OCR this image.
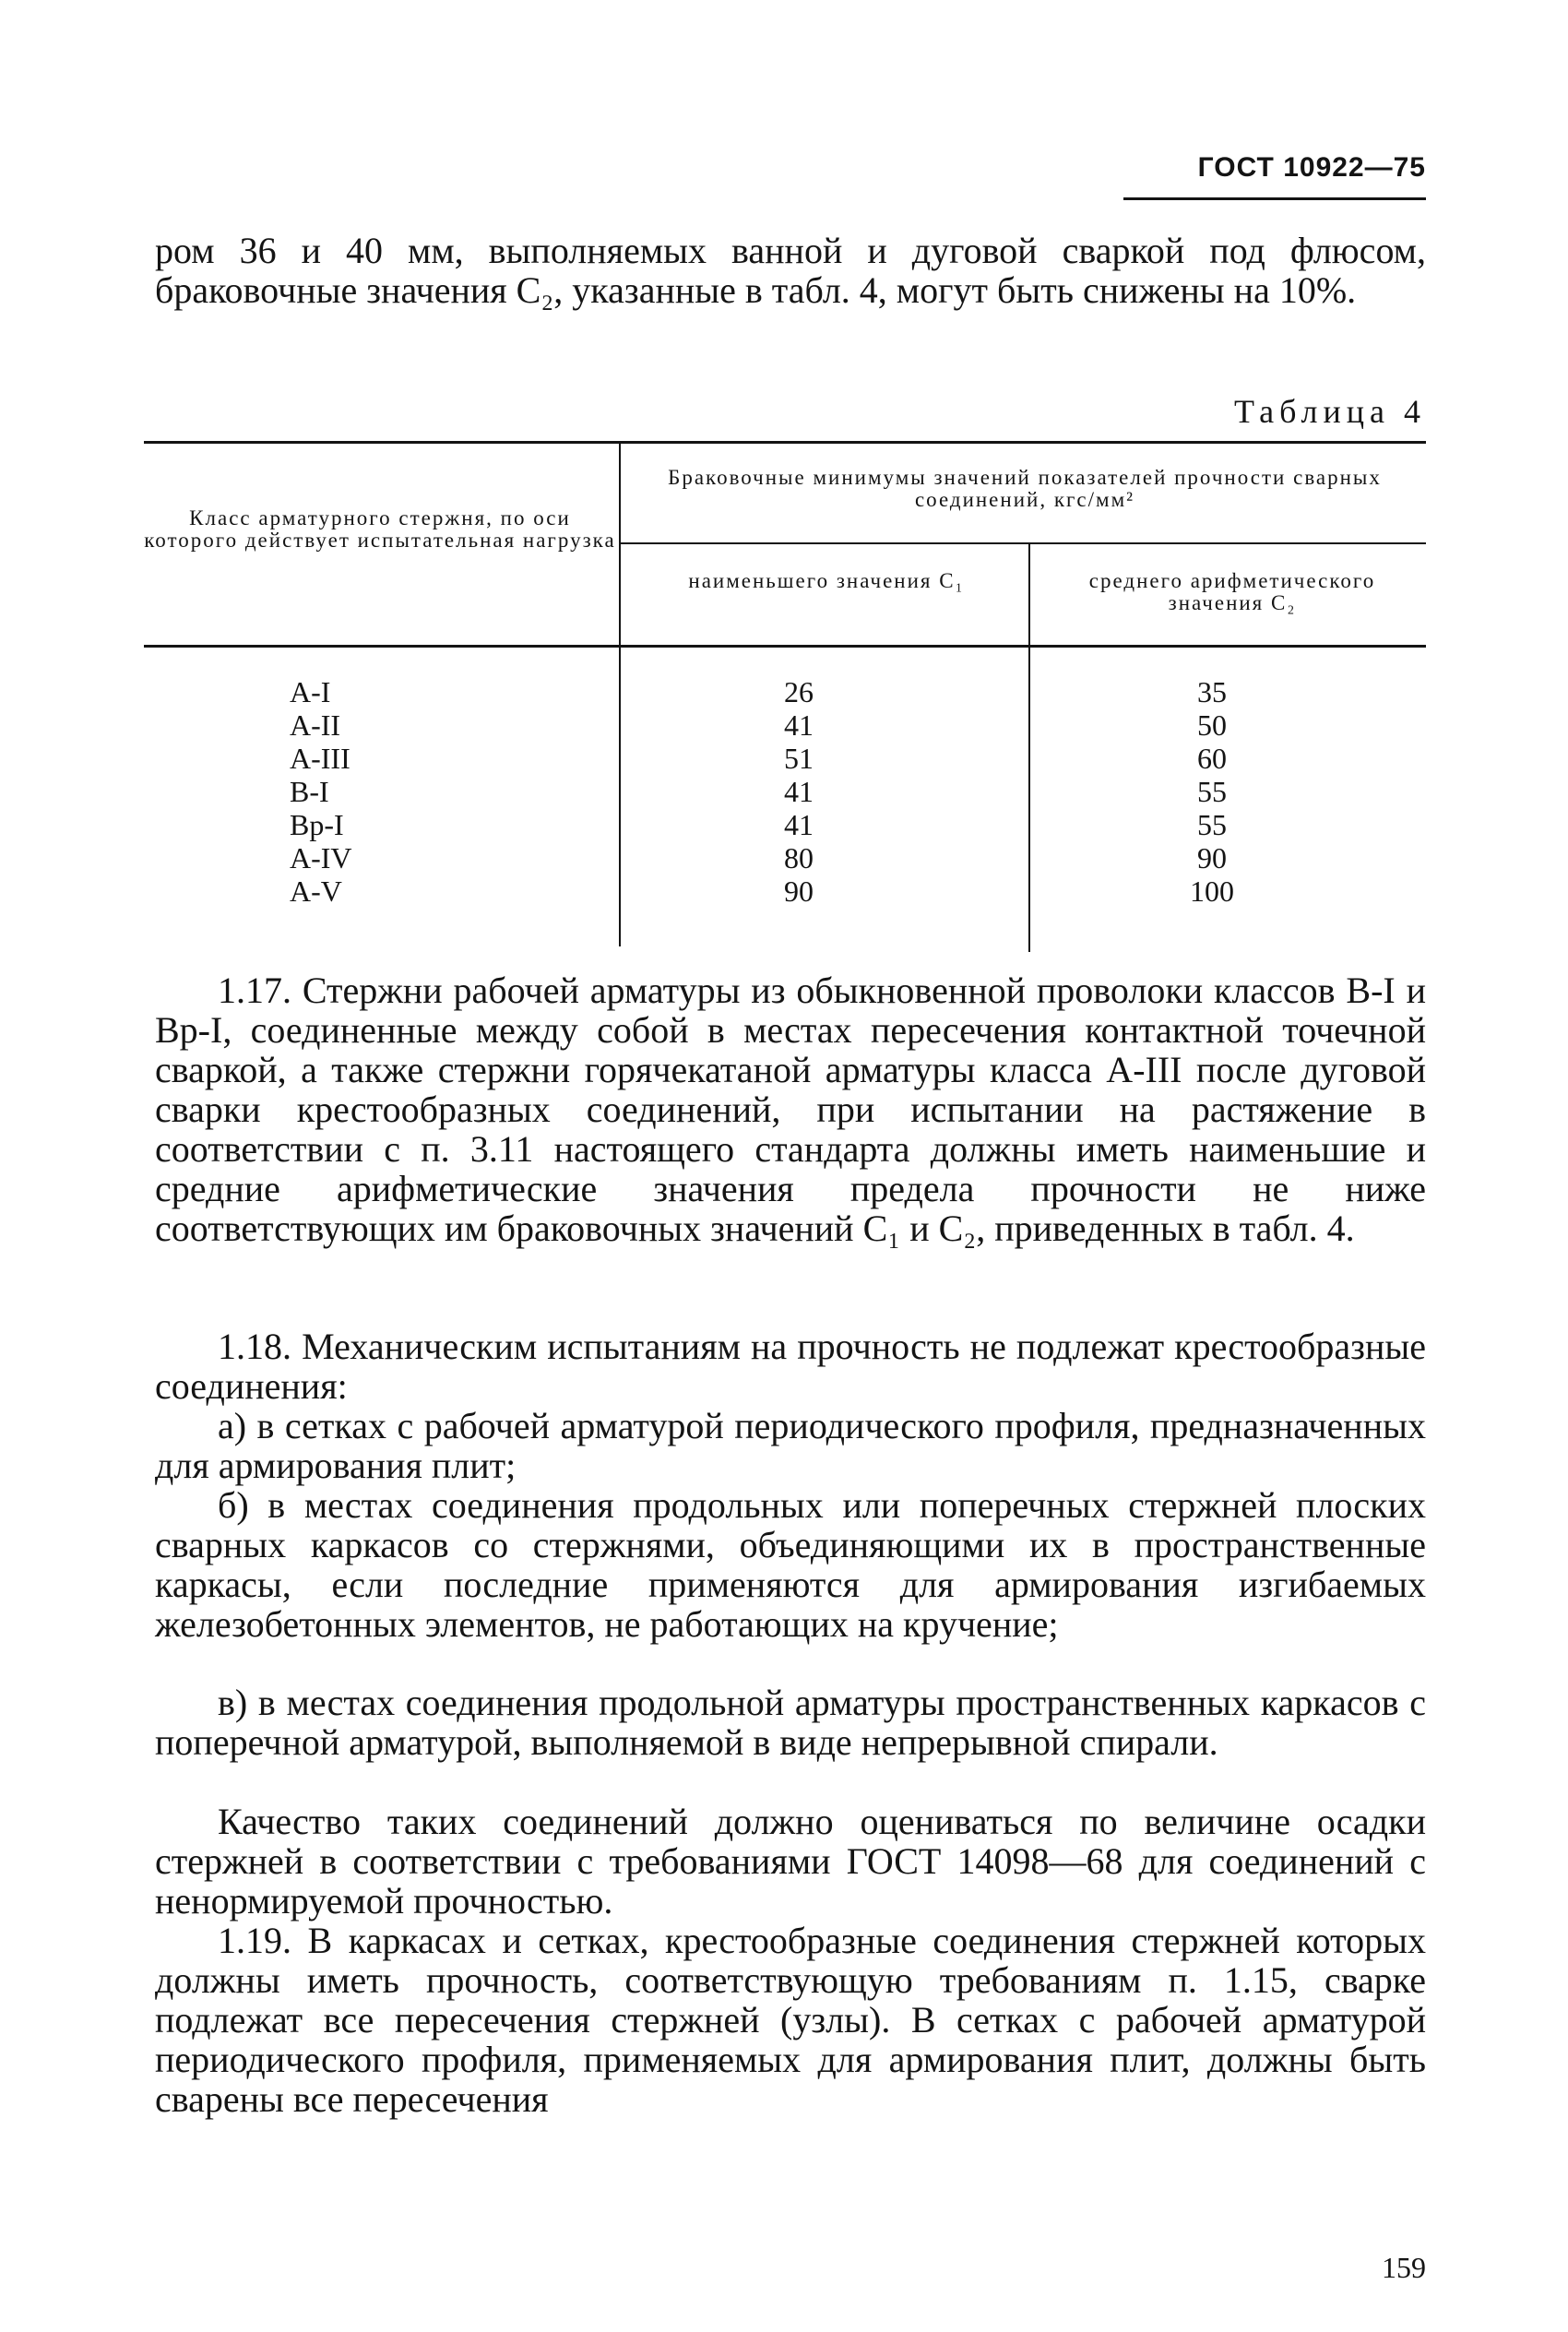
ГОСТ 10922—75

ром 36 и 40 мм, выполняемых ванной и дуговой сваркой под флюсом, браковочные значения C₂, указанные в табл. 4, могут быть снижены на 10%.

Таблица 4
Класс арматурного стержня, по оси которого действует испытательная нагрузка
Браковочные минимумы значений показателей прочности сварных соединений, кгс/мм²
наименьшего значения C₁	среднего арифметического значения C₂
A-I
A-II
A-III
B-I
Bp-I
A-IV
A-V
26
41
51
41
41
80
90
35
50
60
55
55
90
100

1.17. Стержни рабочей арматуры из обыкновенной проволоки классов B-I и Bp-I, соединенные между собой в местах пересечения контактной точечной сваркой, а также стержни горячекатаной арматуры класса A-III после дуговой сварки крестообразных соединений, при испытании на растяжение в соответствии с п. 3.11 настоящего стандарта должны иметь наименьшие и средние арифметические значения предела прочности не ниже соответствующих им браковочных значений C₁ и C₂, приведенных в табл. 4.

1.18. Механическим испытаниям на прочность не подлежат крестообразные соединения:

а) в сетках с рабочей арматурой периодического профиля, предназначенных для армирования плит;

б) в местах соединения продольных или поперечных стержней плоских сварных каркасов со стержнями, объединяющими их в пространственные каркасы, если последние применяются для армирования изгибаемых железобетонных элементов, не работающих на кручение;

в) в местах соединения продольной арматуры пространственных каркасов с поперечной арматурой, выполняемой в виде непрерывной спирали.

Качество таких соединений должно оцениваться по величине осадки стержней в соответствии с требованиями ГОСТ 14098—68 для соединений с ненормируемой прочностью.

1.19. В каркасах и сетках, крестообразные соединения стержней которых должны иметь прочность, соответствующую требованиям п. 1.15, сварке подлежат все пересечения стержней (узлы). В сетках с рабочей арматурой периодического профиля, применяемых для армирования плит, должны быть сварены все пересечения

159
